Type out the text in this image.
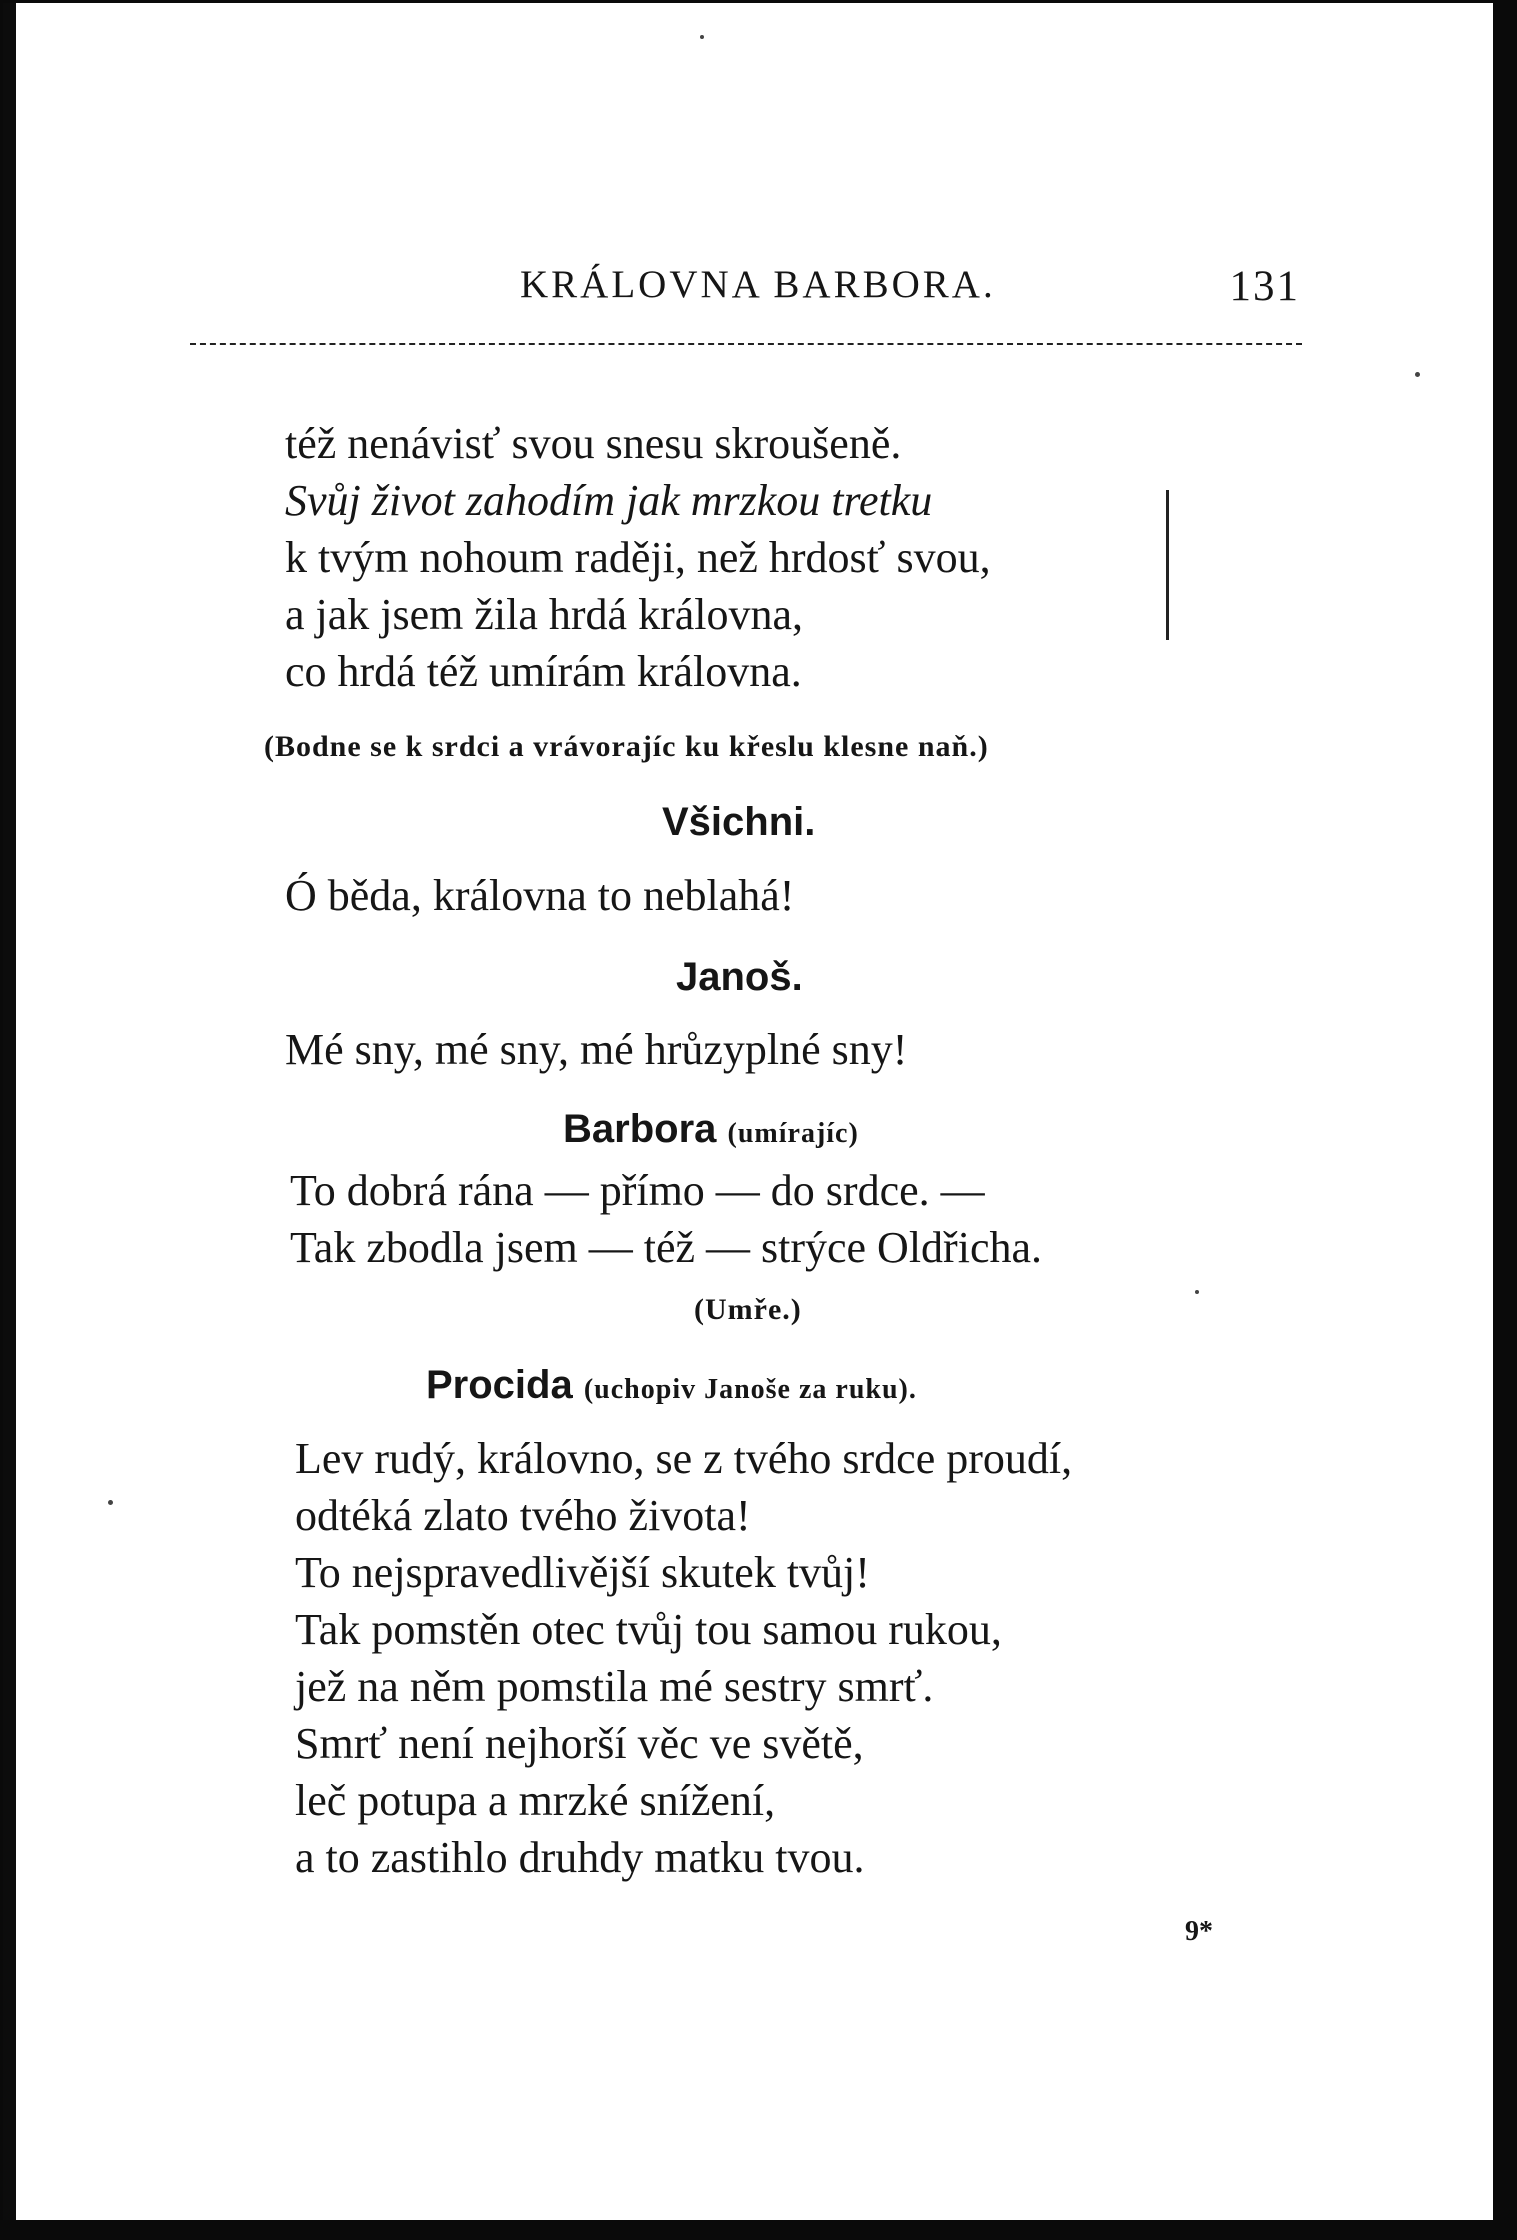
KRÁLOVNA BARBORA.	131
též nenávisť svou snesu skroušeně.
Svůj život zahodím jak mrzkou tretku
k tvým nohoum raději, než hrdosť svou,
a jak jsem žila hrdá královna,
co hrdá též umírám královna.
(Bodne se k srdci a vrávorajíc ku křeslu klesne naň.)
Všichni.
Ó běda, královna to neblahá!
Janoš.
Mé sny, mé sny, mé hrůzyplné sny!
Barbora (umírajíc)
To dobrá rána — přímo — do srdce. —
Tak zbodla jsem — též — strýce Oldřicha.
(Umře.)
Procida (uchopiv Janoše za ruku).
Lev rudý, královno, se z tvého srdce proudí,
odtéká zlato tvého života!
To nejspravedlivější skutek tvůj!
Tak pomstěn otec tvůj tou samou rukou,
jež na něm pomstila mé sestry smrť.
Smrť není nejhorší věc ve světě,
leč potupa a mrzké snížení,
a to zastihlo druhdy matku tvou.
9*
